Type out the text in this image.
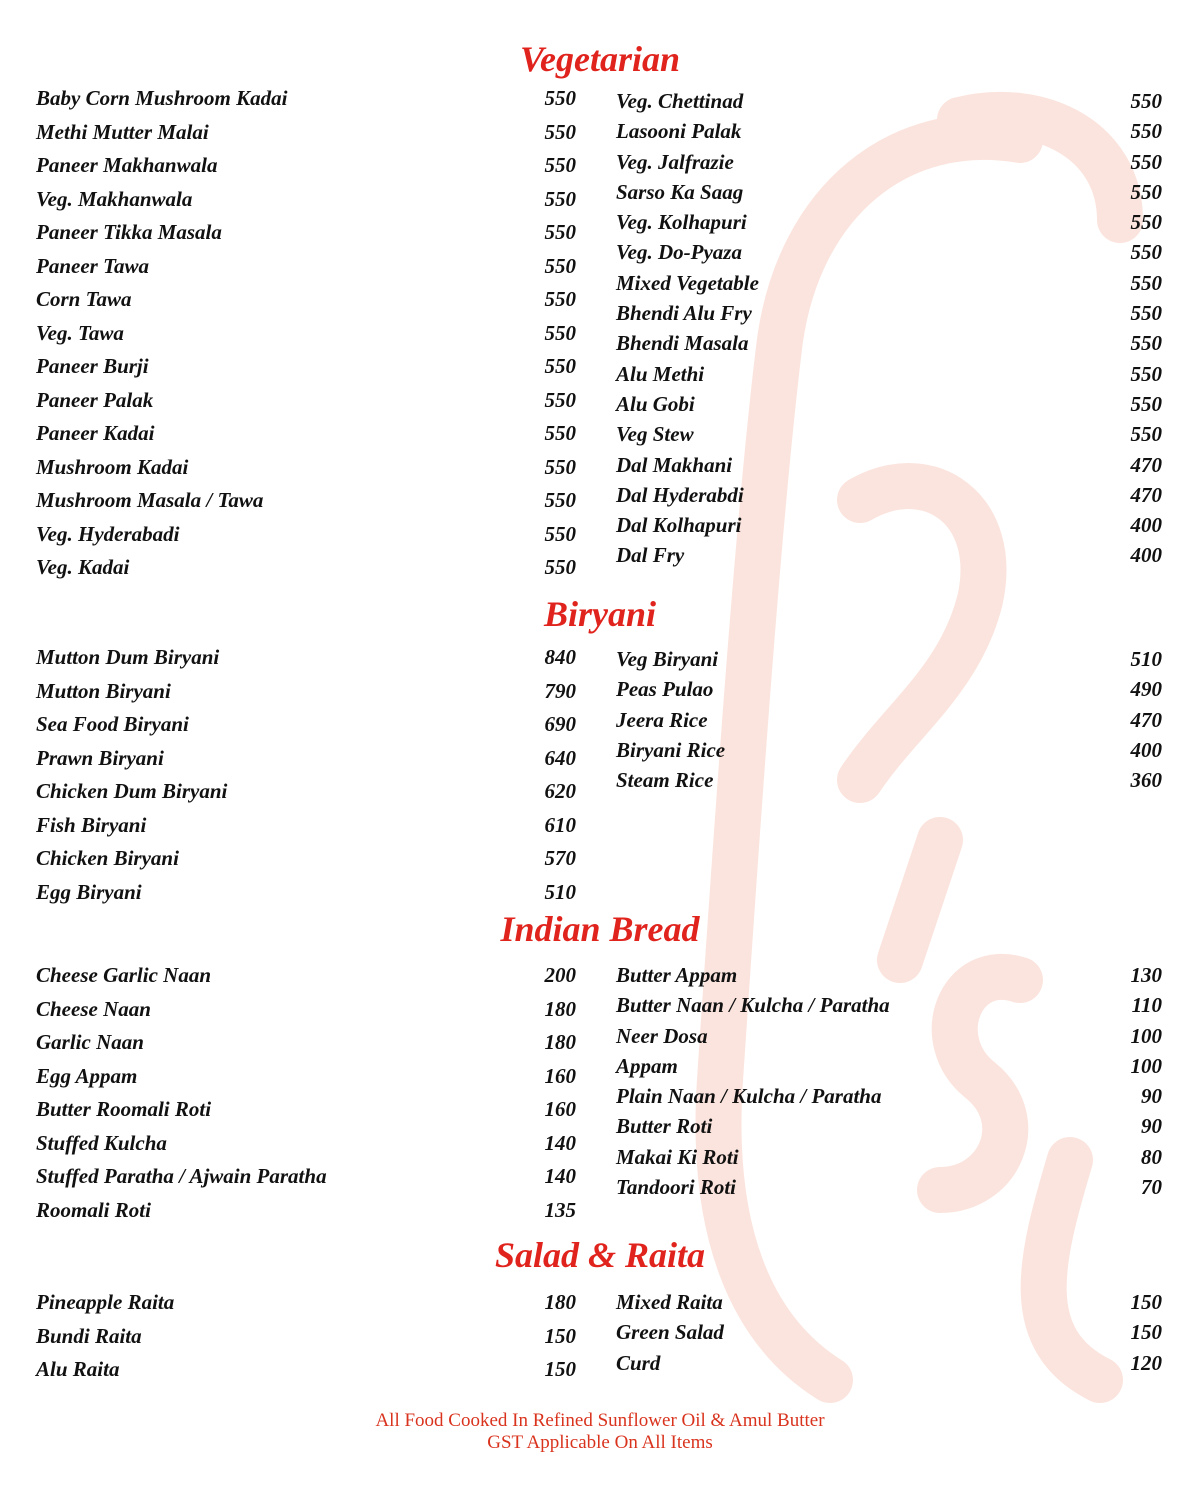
All Food Cooked In Refined Sunflower Oil & Amul Butter
GST Applicable On All Items
Vegetarian
Baby Corn Mushroom Kadai	550
Methi Mutter Malai	550
Paneer Makhanwala	550
Veg. Makhanwala	550
Paneer Tikka Masala	550
Paneer Tawa	550
Corn Tawa	550
Veg. Tawa	550
Paneer Burji	550
Paneer Palak	550
Paneer Kadai	550
Mushroom Kadai	550
Mushroom Masala / Tawa	550
Veg. Hyderabadi	550
Veg. Kadai	550
Veg. Chettinad	550
Lasooni Palak	550
Veg. Jalfrazie	550
Sarso Ka Saag	550
Veg. Kolhapuri	550
Veg. Do-Pyaza	550
Mixed Vegetable	550
Bhendi Alu Fry	550
Bhendi Masala	550
Alu Methi	550
Alu Gobi	550
Veg Stew	550
Dal Makhani	470
Dal Hyderabdi	470
Dal Kolhapuri	400
Dal Fry	400
Biryani
Mutton Dum Biryani	840
Mutton Biryani	790
Sea Food Biryani	690
Prawn Biryani	640
Chicken Dum Biryani	620
Fish Biryani	610
Chicken Biryani	570
Egg Biryani	510
Veg Biryani	510
Peas Pulao	490
Jeera Rice	470
Biryani Rice	400
Steam Rice	360
Indian Bread
Cheese Garlic Naan	200
Cheese Naan	180
Garlic Naan	180
Egg Appam	160
Butter Roomali Roti	160
Stuffed Kulcha	140
Stuffed Paratha / Ajwain Paratha	140
Roomali Roti	135
Butter Appam	130
Butter Naan / Kulcha / Paratha	110
Neer Dosa	100
Appam	100
Plain Naan / Kulcha / Paratha	90
Butter Roti	90
Makai Ki Roti	80
Tandoori Roti	70
Salad & Raita
Pineapple Raita	180
Bundi Raita	150
Alu Raita	150
Mixed Raita	150
Green Salad	150
Curd	120
